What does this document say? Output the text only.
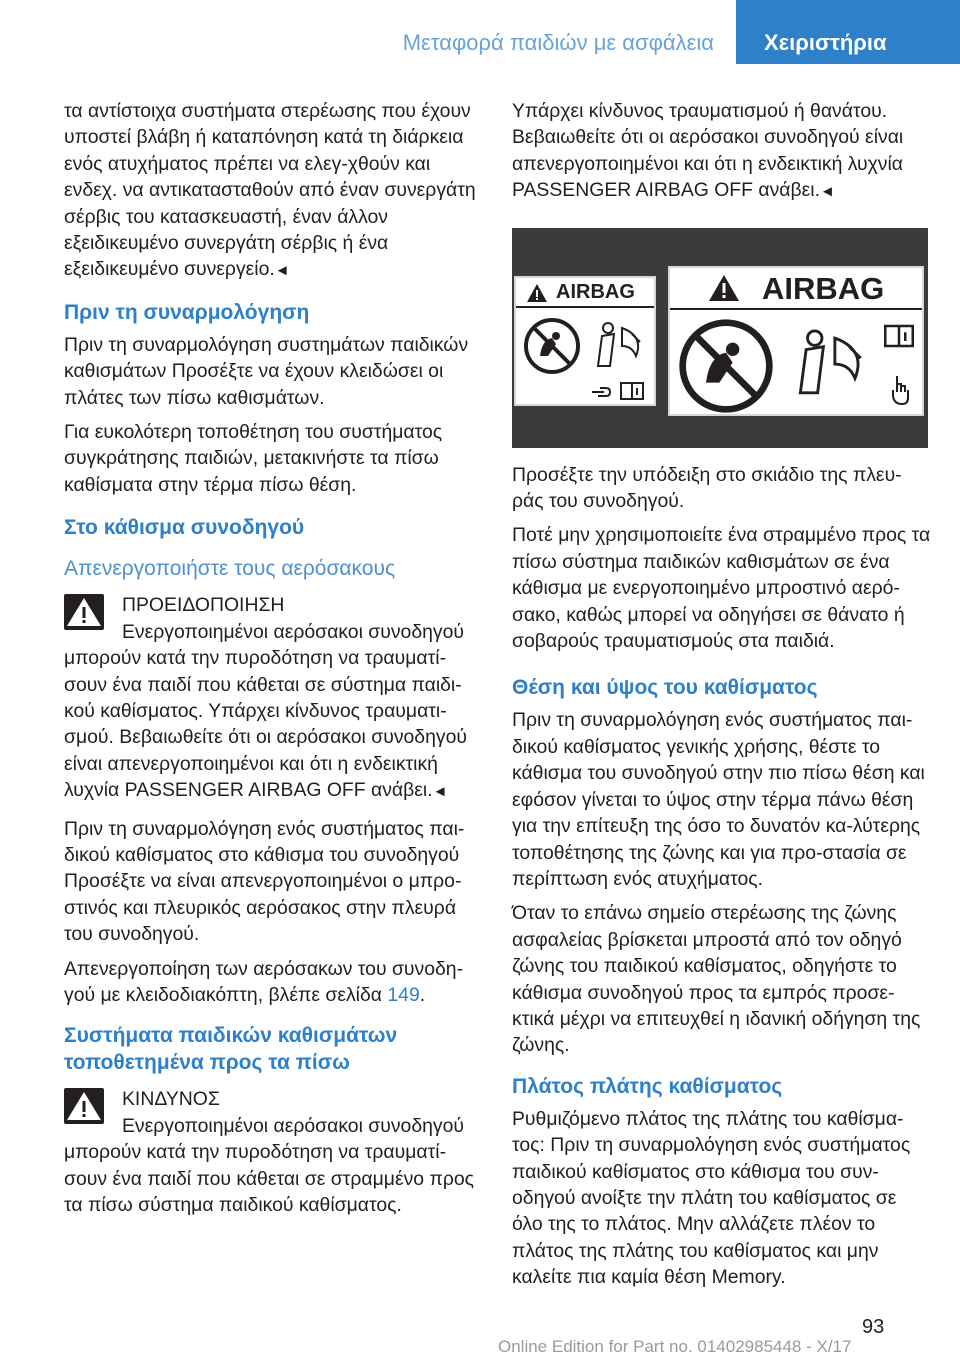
Μεταφορά παιδιών με ασφάλεια Χειριστήρια

τα αντίστοιχα συστήματα στερέωσης που έχουν υποστεί βλάβη ή καταπόνηση κατά τη διάρκεια ενός ατυχήματος πρέπει να ελεγ‐χθούν και ενδεχ. να αντικατασταθούν από έναν συνεργάτη σέρβις του κατασκευαστή, έναν άλλον εξειδικευμένο συνεργάτη σέρβις ή ένα εξειδικευμένο συνεργείο.◄

Πριν τη συναρμολόγηση

Πριν τη συναρμολόγηση συστημάτων παιδικών καθισμάτων Προσέξτε να έχουν κλειδώσει οι πλάτες των πίσω καθισμάτων.

Για ευκολότερη τοποθέτηση του συστήματος συγκράτησης παιδιών, μετακινήστε τα πίσω καθίσματα στην τέρμα πίσω θέση.

Στο κάθισμα συνοδηγού
Απενεργοποιήστε τους αερόσακους
ΠΡΟΕΙΔΟΠΟΙΗΣΗ
Ενεργοποιημένοι αερόσακοι συνοδηγού

μπορούν κατά την πυροδότηση να τραυματί‐σουν ένα παιδί που κάθεται σε σύστημα παιδι‐κού καθίσματος. Υπάρχει κίνδυνος τραυματι‐σμού. Βεβαιωθείτε ότι οι αερόσακοι συνοδηγού είναι απενεργοποιημένοι και ότι η ενδεικτική λυχνία PASSENGER AIRBAG OFF ανάβει.◄

Πριν τη συναρμολόγηση ενός συστήματος παι‐δικού καθίσματος στο κάθισμα του συνοδηγού Προσέξτε να είναι απενεργοποιημένοι ο μπρο‐στινός και πλευρικός αερόσακος στην πλευρά του συνοδηγού.

Απενεργοποίηση των αερόσακων του συνοδη‐γού με κλειδοδιακόπτη, βλέπε σελίδα 149.

Συστήματα παιδικών καθισμάτων τοποθετημένα προς τα πίσω
ΚΙΝΔΥΝΟΣ
Ενεργοποιημένοι αερόσακοι συνοδηγού

μπορούν κατά την πυροδότηση να τραυματί‐σουν ένα παιδί που κάθεται σε στραμμένο προς τα πίσω σύστημα παιδικού καθίσματος.

Υπάρχει κίνδυνος τραυματισμού ή θανάτου. Βεβαιωθείτε ότι οι αερόσακοι συνοδηγού είναι απενεργοποιημένοι και ότι η ενδεικτική λυχνία PASSENGER AIRBAG OFF ανάβει.◄

AIRBAG	AIRBAG

Προσέξτε την υπόδειξη στο σκιάδιο της πλευ‐ράς του συνοδηγού.

Ποτέ μην χρησιμοποιείτε ένα στραμμένο προς τα πίσω σύστημα παιδικών καθισμάτων σε ένα κάθισμα με ενεργοποιημένο μπροστινό αερό‐σακο, καθώς μπορεί να οδηγήσει σε θάνατο ή σοβαρούς τραυματισμούς στα παιδιά.

Θέση και ύψος του καθίσματος

Πριν τη συναρμολόγηση ενός συστήματος παι‐δικού καθίσματος γενικής χρήσης, θέστε το κάθισμα του συνοδηγού στην πιο πίσω θέση και εφόσον γίνεται το ύψος στην τέρμα πάνω θέση για την επίτευξη της όσο το δυνατόν κα‐λύτερης τοποθέτησης της ζώνης και για προ‐στασία σε περίπτωση ενός ατυχήματος.

Όταν το επάνω σημείο στερέωσης της ζώνης ασφαλείας βρίσκεται μπροστά από τον οδηγό ζώνης του παιδικού καθίσματος, οδηγήστε το κάθισμα συνοδηγού προς τα εμπρός προσε‐κτικά μέχρι να επιτευχθεί η ιδανική οδήγηση της ζώνης.

Πλάτος πλάτης καθίσματος

Ρυθμιζόμενο πλάτος της πλάτης του καθίσμα‐τος: Πριν τη συναρμολόγηση ενός συστήματος παιδικού καθίσματος στο κάθισμα του συν‐οδηγού ανοίξτε την πλάτη του καθίσματος σε όλο της το πλάτος. Μην αλλάζετε πλέον το πλάτος της πλάτης του καθίσματος και μην καλείτε πια καμία θέση Memory.

93
Online Edition for Part no. 01402985448 - X/17
